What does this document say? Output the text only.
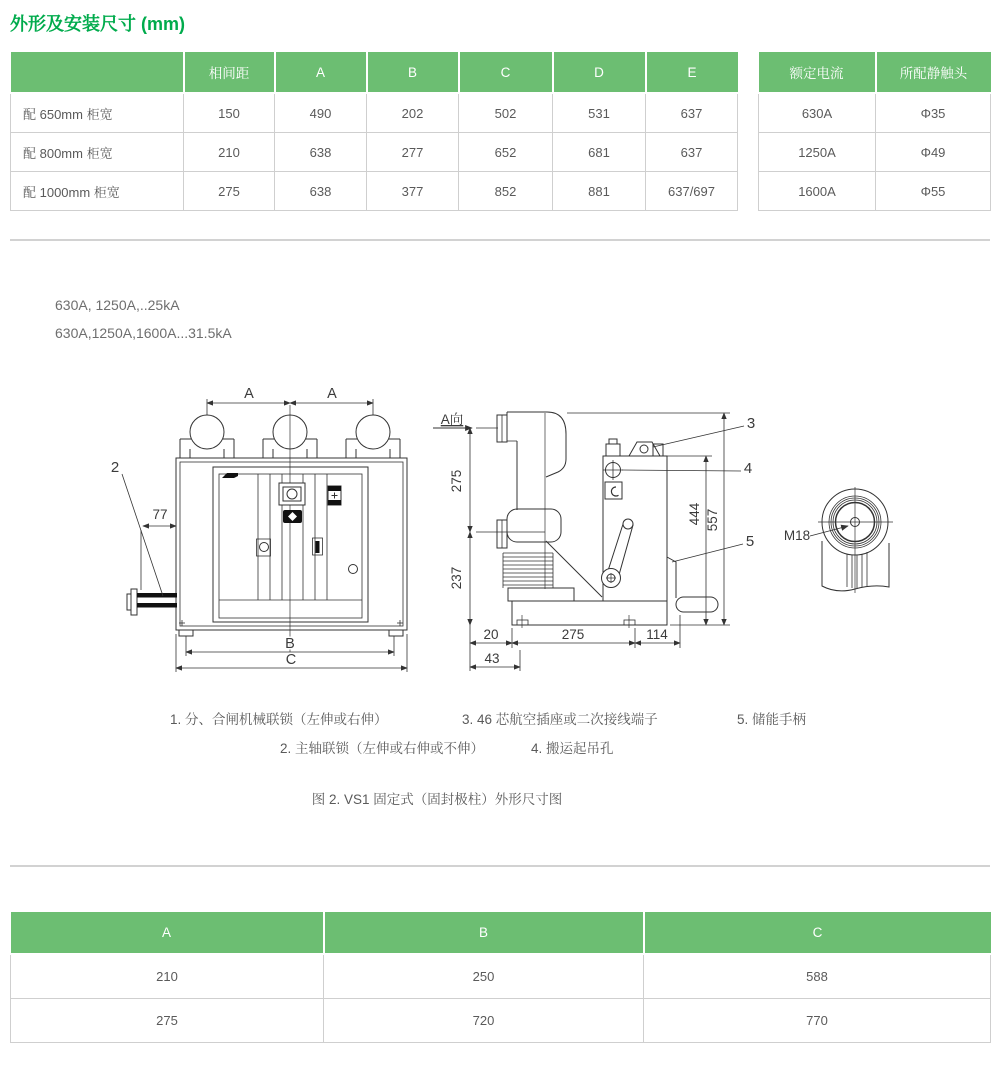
外形及安装尺寸 (mm)
	相间距	A	B	C	D	E
配 650mm 柜宽	150	490	202	502	531	637
配 800mm 柜宽	210	638	277	652	681	637
配 1000mm 柜宽	275	638	377	852	881	637/697
额定电流	所配静触头
630A	Φ35
1250A	Φ49
1600A	Φ55
630A, 1250A,..25kA
630A,1250A,1600A...31.5kA
A	A
77
2
B
C
A向
275
237
444 557
20	275	114
43
3
4
5 M18
1. 分、合闸机械联锁（左伸或右伸）	3. 46 芯航空插座或二次接线端子	5. 储能手柄
2. 主轴联锁（左伸或右伸或不伸）	4. 搬运起吊孔
图 2. VS1 固定式（固封极柱）外形尺寸图
A	B	C
210	250	588
275	720	770
